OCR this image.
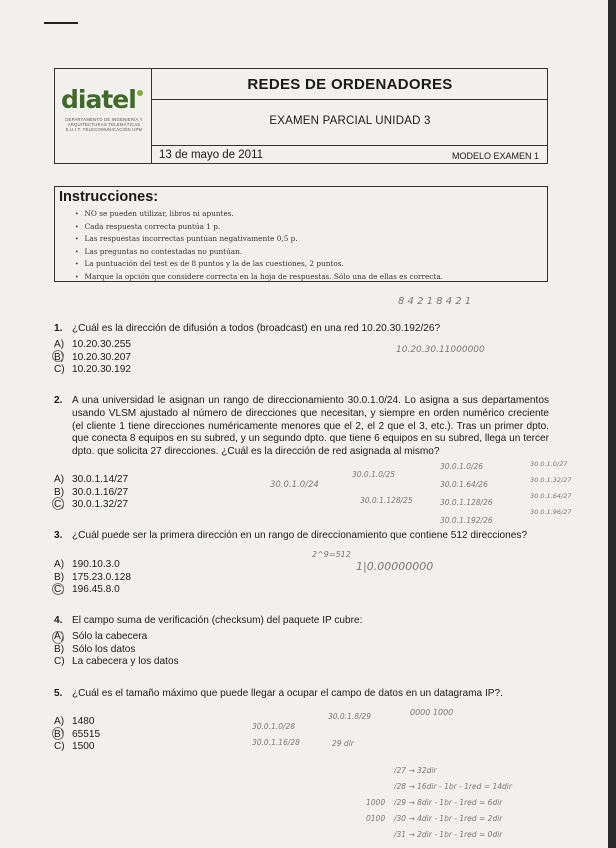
diatel
DEPARTAMENTO DE INGENIERÍA Y ARQUITECTURAS TELEMÁTICAS E.U.I.T. TELECOMUNICACIÓN UPM
REDES DE ORDENADORES
EXAMEN PARCIAL UNIDAD 3
13 de mayo de 2011	MODELO EXAMEN 1
Instrucciones:
• NO se pueden utilizar, libros ni apuntes.
• Cada respuesta correcta puntúa 1 p.
• Las respuestas incorrectas puntúan negativamente 0,5 p.
• Las preguntas no contestadas no puntúan.
• La puntuación del test es de 8 puntos y la de las cuestiones, 2 puntos.
• Marque la opción que considere correcta en la hoja de respuestas. Sólo una de ellas es correcta.
8 4 2 1 8 4 2 1
1. ¿Cuál es la dirección de difusión a todos (broadcast) en una red 10.20.30.192/26?
A) 10.20.30.255
B) 10.20.30.207
C) 10.20.30.192
10.20.30.11000000
2. A una universidad le asignan un rango de direccionamiento 30.0.1.0/24. Lo asigna a sus departamentos usando VLSM ajustado al número de direcciones que necesitan, y siempre en orden numérico creciente (el cliente 1 tiene direcciones numéricamente menores que el 2, el 2 que el 3, etc.). Tras un primer dpto. que conecta 8 equipos en su subred, y un segundo dpto. que tiene 6 equipos en su subred, llega un tercer dpto. que solicita 27 direcciones. ¿Cuál es la dirección de red asignada al mismo?
A) 30.0.1.14/27
B) 30.0.1.16/27
C) 30.0.1.32/27
30.0.1.0/24
30.0.1.0/25
30.0.1.0/26
30.0.1.128/25
30.0.1.64/26
30.0.1.128/26
30.0.1.192/26
30.0.1.0/27
30.0.1.32/27
30.0.1.64/27
30.0.1.96/27
3. ¿Cuál puede ser la primera dirección en un rango de direccionamiento que contiene 512 direcciones?
A) 190.10.3.0
B) 175.23.0.128
C) 196.45.8.0
2^9=512
1|0.00000000
4. El campo suma de verificación (checksum) del paquete IP cubre:
A) Sólo la cabecera
B) Sólo los datos
C) La cabecera y los datos
5. ¿Cuál es el tamaño máximo que puede llegar a ocupar el campo de datos en un datagrama IP?.
A) 1480
B) 65515
C) 1500
30.0.1.0/28
30.0.1.8/29
30.0.1.16/28	29 dir
0000 1000
/27 → 32dir
/28 → 16dir - 1br - 1red = 14dir
/29 → 8dir - 1br - 1red = 6dir
/30 → 4dir - 1br - 1red = 2dir
/31 → 2dir - 1br - 1red = 0dir
1000
0100
